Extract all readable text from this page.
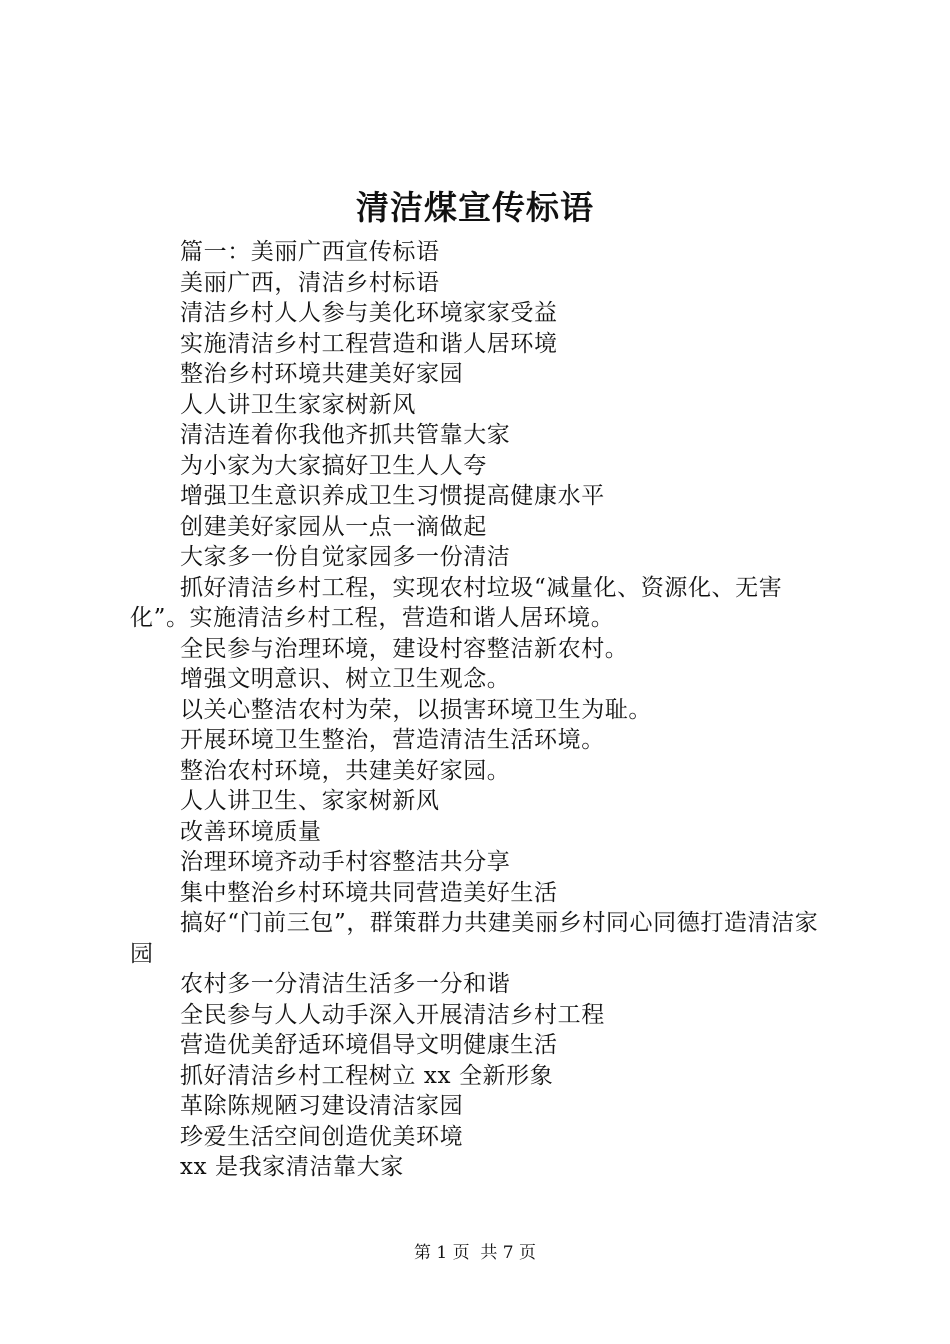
清洁煤宣传标语
篇一：美丽广西宣传标语
美丽广西，清洁乡村标语
清洁乡村人人参与美化环境家家受益
实施清洁乡村工程营造和谐人居环境
整治乡村环境共建美好家园
人人讲卫生家家树新风
清洁连着你我他齐抓共管靠大家
为小家为大家搞好卫生人人夸
增强卫生意识养成卫生习惯提高健康水平
创建美好家园从一点一滴做起
大家多一份自觉家园多一份清洁
抓好清洁乡村工程，实现农村垃圾“减量化、资源化、无害化”。实施清洁乡村工程，营造和谐人居环境。
全民参与治理环境，建设村容整洁新农村。
增强文明意识、树立卫生观念。
以关心整洁农村为荣，以损害环境卫生为耻。
开展环境卫生整治，营造清洁生活环境。
整治农村环境，共建美好家园。
人人讲卫生、家家树新风
改善环境质量
治理环境齐动手村容整洁共分享
集中整治乡村环境共同营造美好生活
搞好“门前三包”，群策群力共建美丽乡村同心同德打造清洁家园
农村多一分清洁生活多一分和谐
全民参与人人动手深入开展清洁乡村工程
营造优美舒适环境倡导文明健康生活
抓好清洁乡村工程树立 xx 全新形象
革除陈规陋习建设清洁家园
珍爱生活空间创造优美环境
xx 是我家清洁靠大家
第 1 页  共 7 页
